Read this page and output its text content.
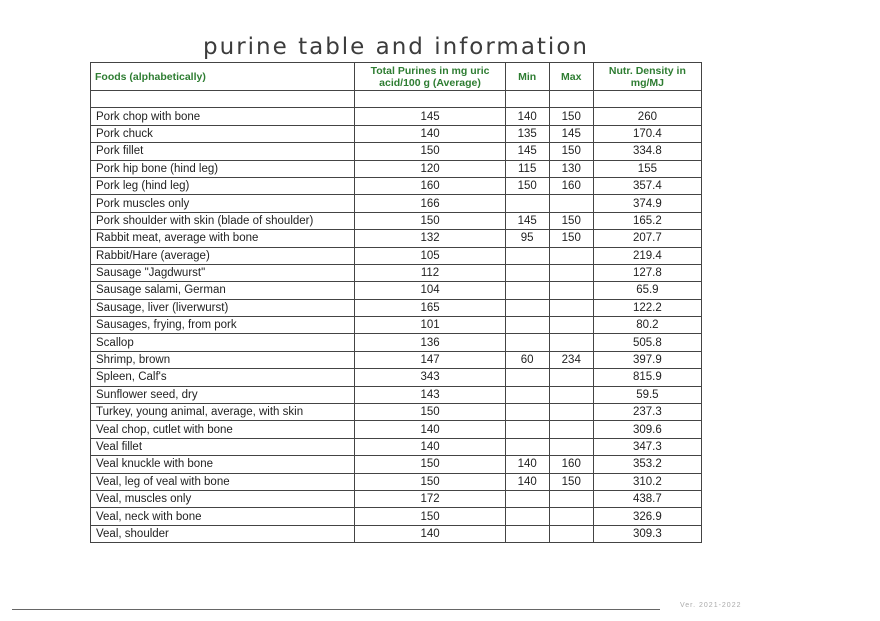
purine table and information
Foods (alphabetically)	Total Purines in mg uric acid/100 g (Average)	Min	Max	Nutr. Density in mg/MJ

Pork chop with bone	145	140	150	260
Pork chuck	140	135	145	170.4
Pork fillet	150	145	150	334.8
Pork hip bone (hind leg)	120	115	130	155
Pork leg (hind leg)	160	150	160	357.4
Pork muscles only	166			374.9
Pork shoulder with skin (blade of shoulder)	150	145	150	165.2
Rabbit meat, average with bone	132	95	150	207.7
Rabbit/Hare (average)	105			219.4
Sausage "Jagdwurst"	112			127.8
Sausage salami, German	104			65.9
Sausage, liver (liverwurst)	165			122.2
Sausages, frying, from pork	101			80.2
Scallop	136			505.8
Shrimp, brown	147	60	234	397.9
Spleen, Calf's	343			815.9
Sunflower seed, dry	143			59.5
Turkey, young animal, average, with skin	150			237.3
Veal chop, cutlet with bone	140			309.6
Veal fillet	140			347.3
Veal knuckle with bone	150	140	160	353.2
Veal, leg of veal with bone	150	140	150	310.2
Veal, muscles only	172			438.7
Veal, neck with bone	150			326.9
Veal, shoulder	140			309.3
Ver. 2021-2022
